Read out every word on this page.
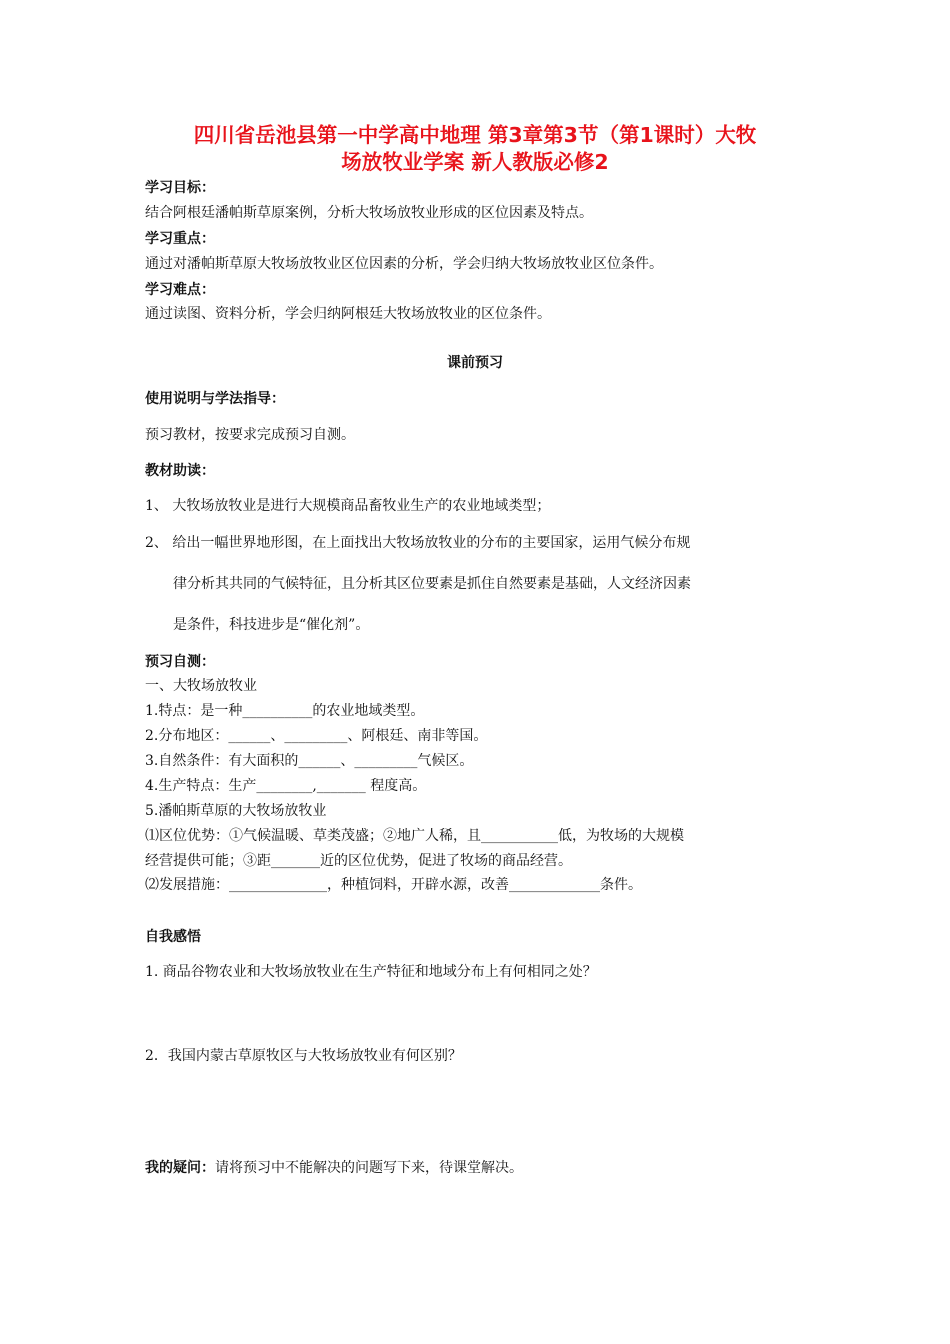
四川省岳池县第一中学高中地理 第3章第3节（第1课时）大牧
场放牧业学案 新人教版必修2
学习目标：
结合阿根廷潘帕斯草原案例，分析大牧场放牧业形成的区位因素及特点。
学习重点：
通过对潘帕斯草原大牧场放牧业区位因素的分析，学会归纳大牧场放牧业区位条件。
学习难点：
通过读图、资料分析，学会归纳阿根廷大牧场放牧业的区位条件。
课前预习
使用说明与学法指导：
预习教材，按要求完成预习自测。
教材助读：
1、 大牧场放牧业是进行大规模商品畜牧业生产的农业地域类型；
2、 给出一幅世界地形图，在上面找出大牧场放牧业的分布的主要国家，运用气候分布规
律分析其共同的气候特征，且分析其区位要素是抓住自然要素是基础，人文经济因素
是条件，科技进步是“催化剂”。
预习自测：
一、大牧场放牧业
1.特点：是一种__________的农业地域类型。
2.分布地区：______、_________、阿根廷、南非等国。
3.自然条件：有大面积的______、_________气候区。
4.生产特点：生产________,_______ 程度高。
5.潘帕斯草原的大牧场放牧业
⑴区位优势：①气候温暖、草类茂盛；②地广人稀，且___________低，为牧场的大规模
经营提供可能；③距_______近的区位优势，促进了牧场的商品经营。
⑵发展措施：______________，种植饲料，开辟水源，改善_____________条件。
自我感悟
1. 商品谷物农业和大牧场放牧业在生产特征和地域分布上有何相同之处？
2．我国内蒙古草原牧区与大牧场放牧业有何区别？
我的疑问：请将预习中不能解决的问题写下来，待课堂解决。
